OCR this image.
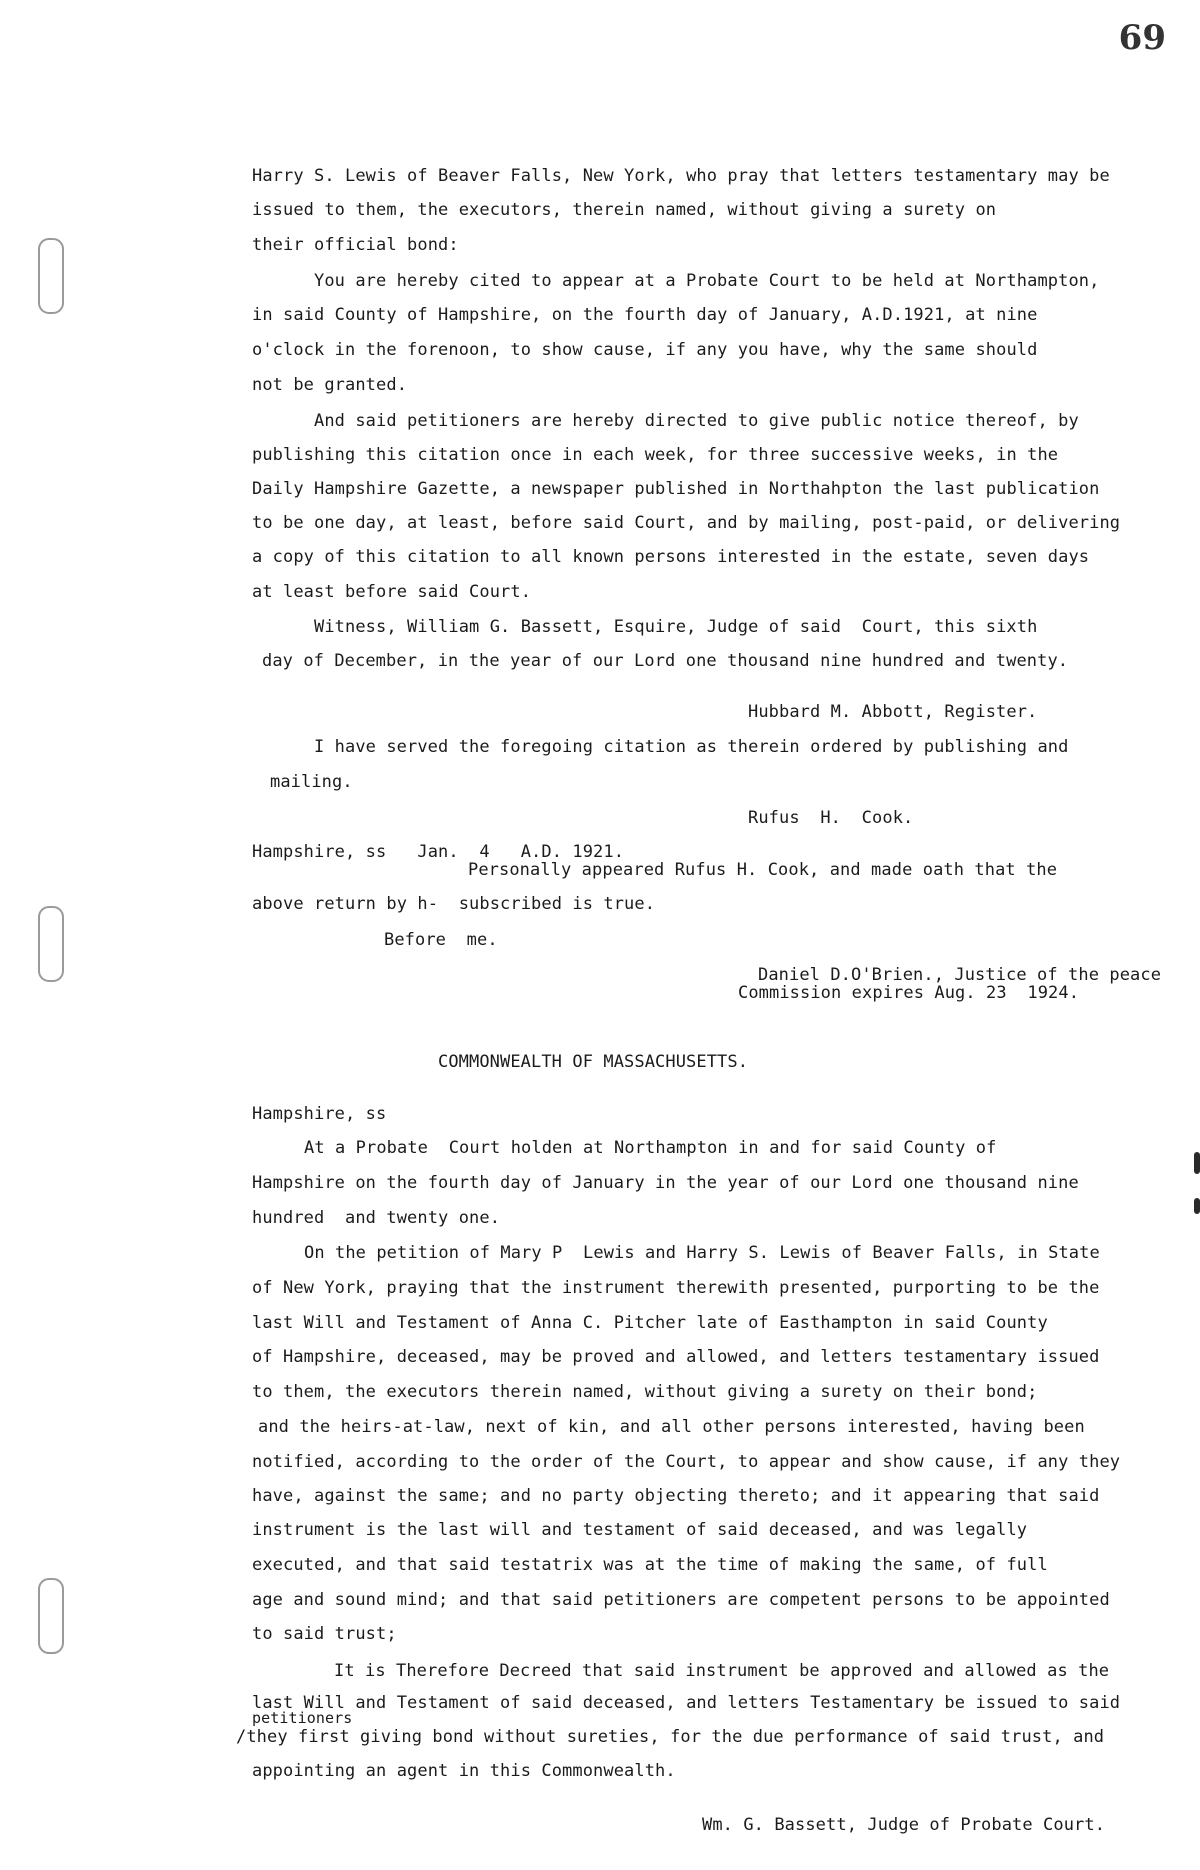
69
Harry S. Lewis of Beaver Falls, New York, who pray that letters testamentary may be
issued to them, the executors, therein named, without giving a surety on
their official bond:
You are hereby cited to appear at a Probate Court to be held at Northampton,
in said County of Hampshire, on the fourth day of January, A.D.1921, at nine
o'clock in the forenoon, to show cause, if any you have, why the same should
not be granted.
And said petitioners are hereby directed to give public notice thereof, by
publishing this citation once in each week, for three successive weeks, in the
Daily Hampshire Gazette, a newspaper published in Northahpton the last publication
to be one day, at least, before said Court, and by mailing, post-paid, or delivering
a copy of this citation to all known persons interested in the estate, seven days
at least before said Court.
Witness, William G. Bassett, Esquire, Judge of said  Court, this sixth
day of December, in the year of our Lord one thousand nine hundred and twenty.
Hubbard M. Abbott, Register.
I have served the foregoing citation as therein ordered by publishing and
mailing.
Rufus  H.  Cook.
Hampshire, ss   Jan.  4   A.D. 1921.
Personally appeared Rufus H. Cook, and made oath that the
above return by h-  subscribed is true.
Before  me.
Daniel D.O'Brien., Justice of the peace
Commission expires Aug. 23  1924.
COMMONWEALTH OF MASSACHUSETTS.
Hampshire, ss
At a Probate  Court holden at Northampton in and for said County of
Hampshire on the fourth day of January in the year of our Lord one thousand nine
hundred  and twenty one.
On the petition of Mary P  Lewis and Harry S. Lewis of Beaver Falls, in State
of New York, praying that the instrument therewith presented, purporting to be the
last Will and Testament of Anna C. Pitcher late of Easthampton in said County
of Hampshire, deceased, may be proved and allowed, and letters testamentary issued
to them, the executors therein named, without giving a surety on their bond;
and the heirs-at-law, next of kin, and all other persons interested, having been
notified, according to the order of the Court, to appear and show cause, if any they
have, against the same; and no party objecting thereto; and it appearing that said
instrument is the last will and testament of said deceased, and was legally
executed, and that said testatrix was at the time of making the same, of full
age and sound mind; and that said petitioners are competent persons to be appointed
to said trust;
It is Therefore Decreed that said instrument be approved and allowed as the
last Will and Testament of said deceased, and letters Testamentary be issued to said
petitioners
/they first giving bond without sureties, for the due performance of said trust, and
appointing an agent in this Commonwealth.
Wm. G. Bassett, Judge of Probate Court.
